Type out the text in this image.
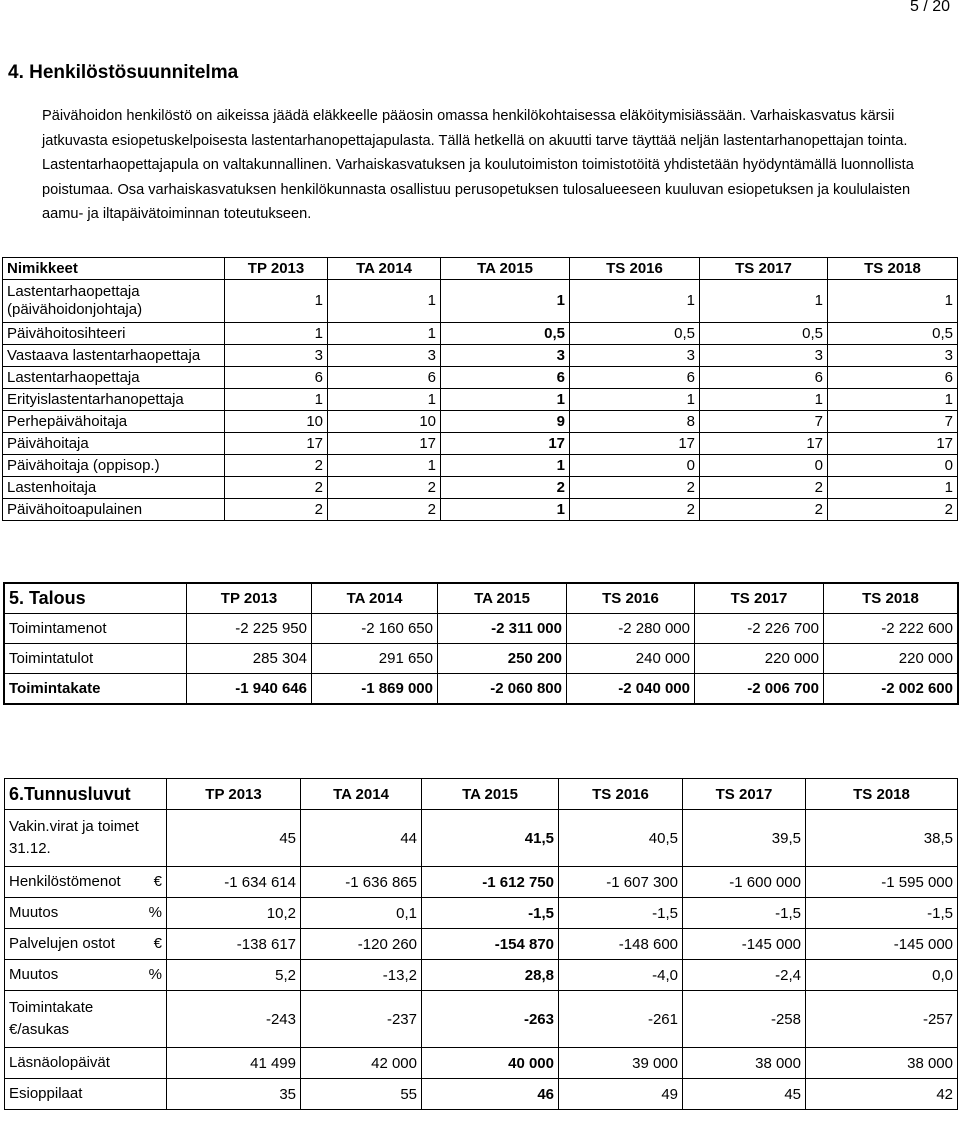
5 / 20
4. Henkilöstösuunnitelma

Päivähoidon henkilöstö on aikeissa jäädä eläkkeelle pääosin omassa henkilökohtaisessa eläköitymisiässään. Varhaiskasvatus kärsii jatkuvasta esiopetuskelpoisesta lastentarhanopettajapulasta. Tällä hetkellä on akuutti tarve täyttää neljän lastentarhanopettajan tointa. Lastentarhaopettajapula on valtakunnallinen. Varhaiskasvatuksen ja koulutoimiston toimistotöitä yhdistetään hyödyntämällä luonnollista poistumaa. Osa varhaiskasvatuksen henkilökunnasta osallistuu perusopetuksen tulosalueeseen kuuluvan esiopetuksen ja koululaisten aamu- ja iltapäivätoiminnan toteutukseen.

Nimikkeet	TP 2013	TA 2014	TA 2015	TS 2016	TS 2017	TS 2018
Lastentarhaopettaja (päivähoidonjohtaja)	1	1	1	1	1	1
Päivähoitosihteeri	1	1	0,5	0,5	0,5	0,5
Vastaava lastentarhaopettaja	3	3	3	3	3	3
Lastentarhaopettaja	6	6	6	6	6	6
Erityislastentarhanopettaja	1	1	1	1	1	1
Perhepäivähoitaja	10	10	9	8	7	7
Päivähoitaja	17	17	17	17	17	17
Päivähoitaja (oppisop.)	2	1	1	0	0	0
Lastenhoitaja	2	2	2	2	2	1
Päivähoitoapulainen	2	2	1	2	2	2
5. Talous	TP 2013	TA 2014	TA 2015	TS 2016	TS 2017	TS 2018
Toimintamenot	-2 225 950	-2 160 650	-2 311 000	-2 280 000	-2 226 700	-2 222 600
Toimintatulot	285 304	291 650	250 200	240 000	220 000	220 000
Toimintakate	-1 940 646	-1 869 000	-2 060 800	-2 040 000	-2 006 700	-2 002 600
6.Tunnusluvut	TP 2013	TA 2014	TA 2015	TS 2016	TS 2017	TS 2018

Vakin.virat ja toimet 31.12.	45	44	41,5	40,5	39,5	38,5

Henkilöstömenot €	-1 634 614	-1 636 865	-1 612 750	-1 607 300	-1 600 000	-1 595 000

Muutos %	10,2	0,1	-1,5	-1,5	-1,5	-1,5

Palvelujen ostot €	-138 617	-120 260	-154 870	-148 600	-145 000	-145 000

Muutos %	5,2	-13,2	28,8	-4,0	-2,4	0,0

Toimintakate
€/asukas	-243	-237	-263	-261	-258	-257

Läsnäolopäivät	41 499	42 000	40 000	39 000	38 000	38 000

Esioppilaat	35	55	46	49	45	42
